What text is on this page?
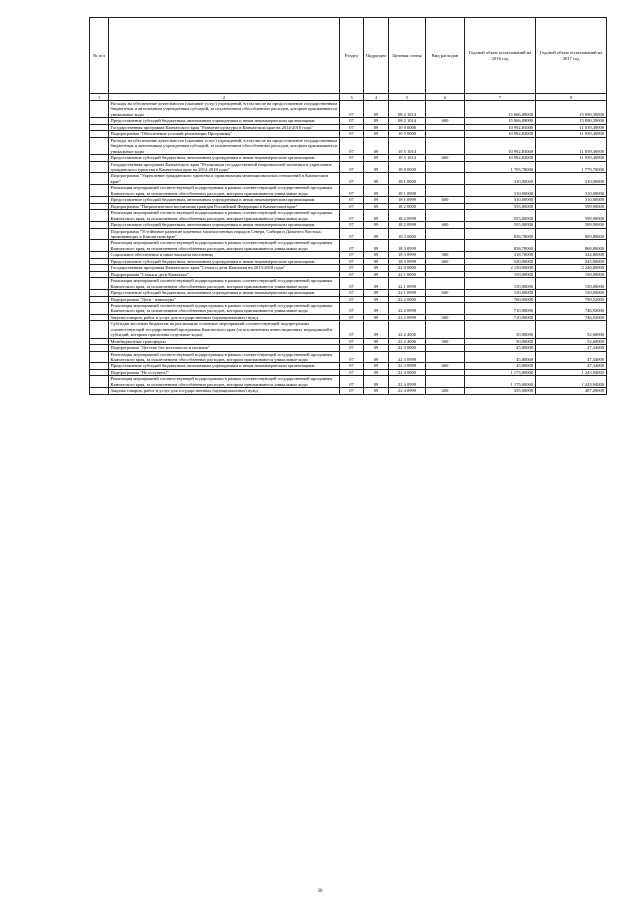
№ п/п		Раздел	Подраздел	Целевая статья	Вид расходов	Годовой объем ассигнований на 2016 год	Годовой объем ассигнований на 2017 год
1	2	3	4	5	6	7	8
	Расходы на обеспечение деятельности (оказание услуг) учреждений, в том числе на предоставление государственным бюджетным и автономным учреждениям субсидий, за исключением обособленных расходов, которым присваиваются уникальные коды	07	09	08 2 1014		15 066,09000	15 090,39000
	Предоставление субсидий бюджетным, автономным учреждениям и иным некоммерческим организациям	07	09	08 2 1014	600	15 066,09000	15 090,39000
	Государственная программа Камчатского края "Развитие культуры в Камчатском крае на 2014-2018 годы"	07	09	10 0 0000		10 992,83000	11 039,49000
	Подпрограмма "Обеспечение условий реализации Программы"	07	09	10 5 0000		10 992,83000	11 039,49000
	Расходы на обеспечение деятельности (оказание услуг) учреждений, в том числе на предоставление государственным бюджетным и автономным учреждениям субсидий, за исключением обособленных расходов, которым присваиваются уникальные коды	07	09	10 5 1014		10 992,83000	11 039,49000
	Предоставление субсидий бюджетным, автономным учреждениям и иным некоммерческим организациям	07	09	10 5 1014	600	10 992,83000	11 039,49000
	Государственная программа Камчатского края "Реализация государственной национальной политики и укрепление гражданского единства в Камчатском крае на 2014-2018 годы"	07	09	18 0 0000		1 703,78000	1 779,70000
	Подпрограмма "Укрепление гражданского единства и гармонизация межнациональных отношений в Камчатском крае"	07	09	18 1 0000		310,00000	310,00000
	Реализация мероприятий соответствующей подпрограммы в рамках соответствующей государственной программы Камчатского края, за исключением обособленных расходов, которым присваиваются уникальные коды	07	09	18 1 0999		310,00000	310,00000
	Предоставление субсидий бюджетным, автономным учреждениям и иным некоммерческим организациям	07	09	18 1 0999	600	310,00000	310,00000
	Подпрограмма "Патриотическое воспитание граждан Российской Федерации в Камчатском крае"	07	09	18 2 0000		555,00000	599,90000
	Реализация мероприятий соответствующей подпрограммы в рамках соответствующей государственной программы Камчатского края, за исключением обособленных расходов, которым присваиваются уникальные коды	07	09	18 2 0999		555,00000	599,90000
	Предоставление субсидий бюджетным, автономным учреждениям и иным некоммерческим организациям	07	09	18 2 0999	600	555,00000	599,90000
	Подпрограмма "Устойчивое развитие коренных малочисленных народов Севера, Сибири и Дальнего Востока, проживающих в Камчатском крае"	07	09	18 3 0000		838,78000	869,80000
	Реализация мероприятий соответствующей подпрограммы в рамках соответствующей государственной программы Камчатского края, за исключением обособленных расходов, которым присваиваются уникальные коды	07	09	18 3 0999		838,78000	869,80000
	Социальное обеспечение и иные выплаты населению	07	09	18 3 0999	300	318,78000	324,80000
	Предоставление субсидий бюджетным, автономным учреждениям и иным некоммерческим организациям	07	09	18 3 0999	600	520,00000	545,00000
	Государственная программа Камчатского края "Семья и дети Камчатки на 2015-2018 годы"	07	09	22 0 0000		2 130,00000	2 240,80000
	Подпрограмма "Семья и дети Камчатки"	07	09	22 1 0000		150,00000	150,00000
	Реализация мероприятий соответствующей подпрограммы в рамках соответствующей государственной программы Камчатского края, за исключением обособленных расходов, которым присваиваются уникальные коды	07	09	22 1 0999		150,00000	150,00000
	Предоставление субсидий бюджетным, автономным учреждениям и иным некоммерческим организациям	07	09	22 1 0999	600	150,00000	150,00000
	Подпрограмма "Дети - инвалиды"	07	09	22 2 0000		760,00000	799,52000
	Реализация мероприятий соответствующей подпрограммы в рамках соответствующей государственной программы Камчатского края, за исключением обособленных расходов, которым присваиваются уникальные коды	07	09	22 2 0999		710,00000	746,92000
	Закупка товаров, работ и услуг для государственных (муниципальных) нужд	07	09	22 2 0999	200	710,00000	746,92000
	Субсидии местным бюджетам на реализацию основных мероприятий соответствующей подпрограммы соответствующей государственной программы Камчатского края (за исключением инвестиционных мероприятий и субсидий, которым присвоены отдельные коды)	07	09	22 2 4006		50,00000	52,60000
	Межбюджетные трансферты	07	09	22 2 4006	500	50,00000	52,60000
	Подпрограмма "Детство без жестокости и насилия"	07	09	22 3 0000		45,00000	47,34000
	Реализация мероприятий соответствующей подпрограммы в рамках соответствующей государственной программы Камчатского края, за исключением обособленных расходов, которым присваиваются уникальные коды	07	09	22 3 0999		45,00000	47,34000
	Предоставление субсидий бюджетным, автономным учреждениям и иным некоммерческим организациям	07	09	22 3 0999	600	45,00000	47,34000
	Подпрограмма "Не оступись!"	07	09	22 4 0000		1 175,00000	1 243,94000
	Реализация мероприятий соответствующей подпрограммы в рамках соответствующей государственной программы Камчатского края, за исключением обособленных расходов, которым присваиваются уникальные коды	07	09	22 4 0999		1 175,00000	1 243,94000
	Закупка товаров, работ и услуг для государственных (муниципальных) нужд	07	09	22 4 0999	200	335,00000	487,28000
36
